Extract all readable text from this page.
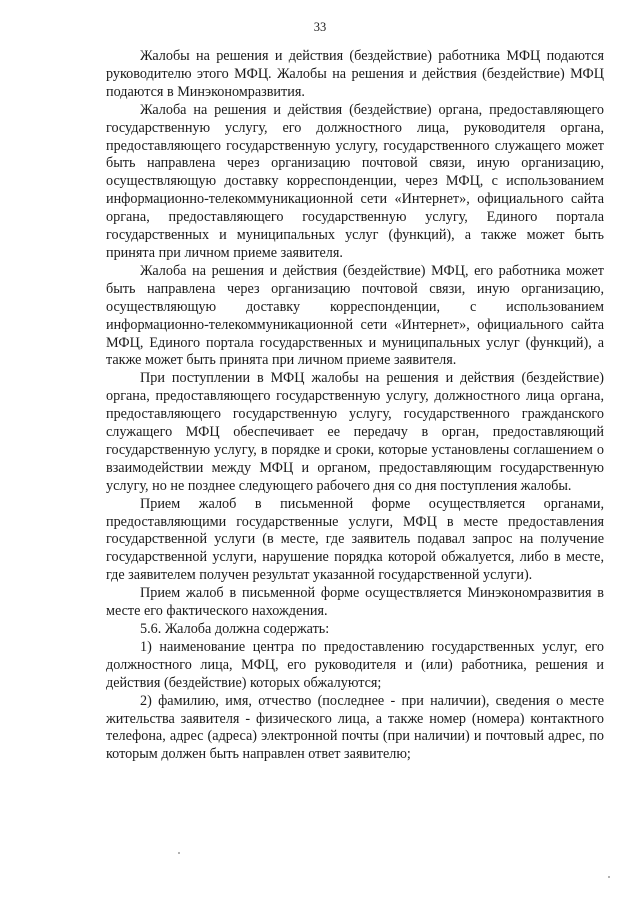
33

Жалобы на решения и действия (бездействие) работника МФЦ подаются руководителю этого МФЦ. Жалобы на решения и действия (бездействие) МФЦ подаются в Минэкономразвития.

Жалоба на решения и действия (бездействие) органа, предоставляющего государственную услугу, его должностного лица, руководителя органа, предоставляющего государственную услугу, государственного служащего может быть направлена через организацию почтовой связи, иную организацию, осуществляющую доставку корреспонденции, через МФЦ, с использованием информационно-телекоммуникационной сети «Интернет», официального сайта органа, предоставляющего государственную услугу, Единого портала государственных и муниципальных услуг (функций), а также может быть принята при личном приеме заявителя.

Жалоба на решения и действия (бездействие) МФЦ, его работника может быть направлена через организацию почтовой связи, иную организацию, осуществляющую доставку корреспонденции, с использованием информационно-телекоммуникационной сети «Интернет», официального сайта МФЦ, Единого портала государственных и муниципальных услуг (функций), а также может быть принята при личном приеме заявителя.

При поступлении в МФЦ жалобы на решения и действия (бездействие) органа, предоставляющего государственную услугу, должностного лица органа, предоставляющего государственную услугу, государственного гражданского служащего МФЦ обеспечивает ее передачу в орган, предоставляющий государственную услугу, в порядке и сроки, которые установлены соглашением о взаимодействии между МФЦ и органом, предоставляющим государственную услугу, но не позднее следующего рабочего дня со дня поступления жалобы.

Прием жалоб в письменной форме осуществляется органами, предоставляющими государственные услуги, МФЦ в месте предоставления государственной услуги (в месте, где заявитель подавал запрос на получение государственной услуги, нарушение порядка которой обжалуется, либо в месте, где заявителем получен результат указанной государственной услуги).

Прием жалоб в письменной форме осуществляется Минэкономразвития в месте его фактического нахождения.

5.6. Жалоба должна содержать:

1) наименование центра по предоставлению государственных услуг, его должностного лица, МФЦ, его руководителя и (или) работника, решения и действия (бездействие) которых обжалуются;

2) фамилию, имя, отчество (последнее - при наличии), сведения о месте жительства заявителя - физического лица, а также номер (номера) контактного телефона, адрес (адреса) электронной почты (при наличии) и почтовый адрес, по которым должен быть направлен ответ заявителю;
